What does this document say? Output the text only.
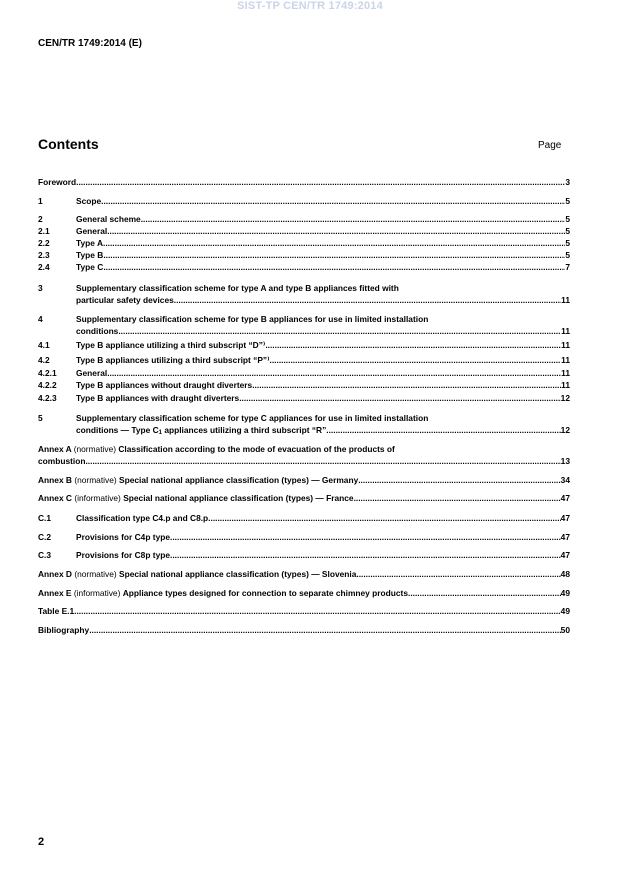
SIST-TP CEN/TR 1749:2014
CEN/TR 1749:2014 (E)
Contents	Page
Foreword .....	3
1	Scope .....	5
2	General scheme .....	5
2.1	General .....	5
2.2	Type A .....	5
2.3	Type B .....	5
2.4	Type C .....	7
3	Supplementary classification scheme for type A and type B appliances fitted with
particular safety devices .....	11
4	Supplementary classification scheme for type B appliances for use in limited installation
conditions .....	11
4.1	Type B appliance utilizing a third subscript “D”⁾ .....	11
4.2	Type B appliances utilizing a third subscript “P”⁾ .....	11
4.2.1 General .....	11
4.2.2 Type B appliances without draught diverters .....	11
4.2.3 Type B appliances with draught diverters .....	12
5	Supplementary classification scheme for type C appliances for use in limited installation
conditions — Type $C_1$ appliances utilizing a third subscript “R” .....	12
Annex A (normative) Classification according to the mode of evacuation of the products of
combustion .....	13
Annex B (normative) Special national appliance classification (types) — Germany .....	34
Annex C (informative) Special national appliance classification (types) — France .....	47
C.1	Classification type C4.p and C8.p .....	47
C.2	Provisions for C4p type .....	47
C.3	Provisions for C8p type .....	47
Annex D (normative) Special national appliance classification (types) — Slovenia .....	48
Annex E (informative) Appliance types designed for connection to separate chimney products .....	49
Table E.1 .....	49
Bibliography .....	50
2
